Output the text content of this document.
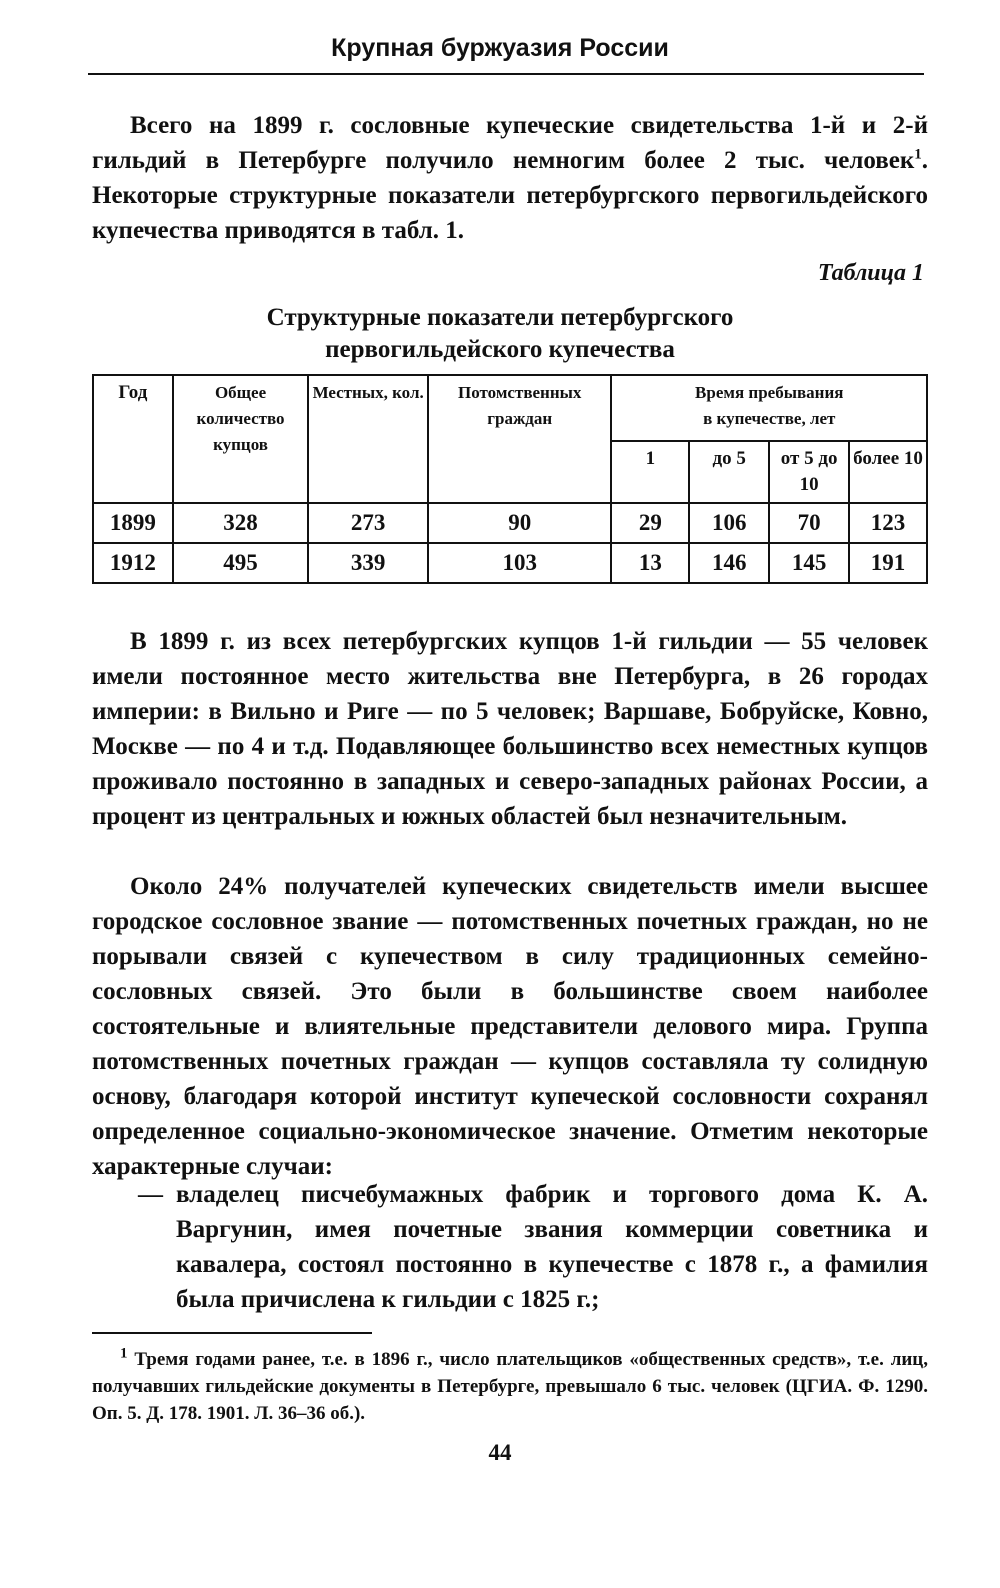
Крупная буржуазия России

Всего на 1899 г. сословные купеческие свидетельства 1-й и 2-й гильдий в Петербурге получило немногим более 2 тыс. человек$^1$. Некоторые структурные показатели петербургского первогильдейского купечества приводятся в табл. 1.

Таблица 1
Структурные показатели петербургского
первогильдейского купечества
Год	Общее количество купцов	Местных, кол.	Потомственных граждан	Время пребывания в купечестве, лет			
				1	до 5	от 5 до 10	более 10
1899	328	273	90	29	106	70	123
1912	495	339	103	13	146	145	191

В 1899 г. из всех петербургских купцов 1-й гильдии — 55 человек имели постоянное место жительства вне Петербурга, в 26 городах империи: в Вильно и Риге — по 5 человек; Варшаве, Бобруйске, Ковно, Москве — по 4 и т.д. Подавляющее большинство всех неместных купцов проживало постоянно в западных и северо-западных районах России, а процент из центральных и южных областей был незначительным.

Около 24% получателей купеческих свидетельств имели высшее городское сословное звание — потомственных почетных граждан, но не порывали связей с купечеством в силу традиционных семейно-сословных связей. Это были в большинстве своем наиболее состоятельные и влиятельные представители делового мира. Группа потомственных почетных граждан — купцов составляла ту солидную основу, благодаря которой институт купеческой сословности сохранял определенное социально-экономическое значение. Отметим некоторые характерные случаи:

— владелец писчебумажных фабрик и торгового дома К. А. Варгунин, имея почетные звания коммерции советника и кавалера, состоял постоянно в купечестве с 1878 г., а фамилия была причислена к гильдии с 1825 г.;

$^1$ Тремя годами ранее, т.е. в 1896 г., число плательщиков «общественных средств», т.е. лиц, получавших гильдейские документы в Петербурге, превышало 6 тыс. человек (ЦГИА. Ф. 1290. Оп. 5. Д. 178. 1901. Л. 36–36 об.).

44
